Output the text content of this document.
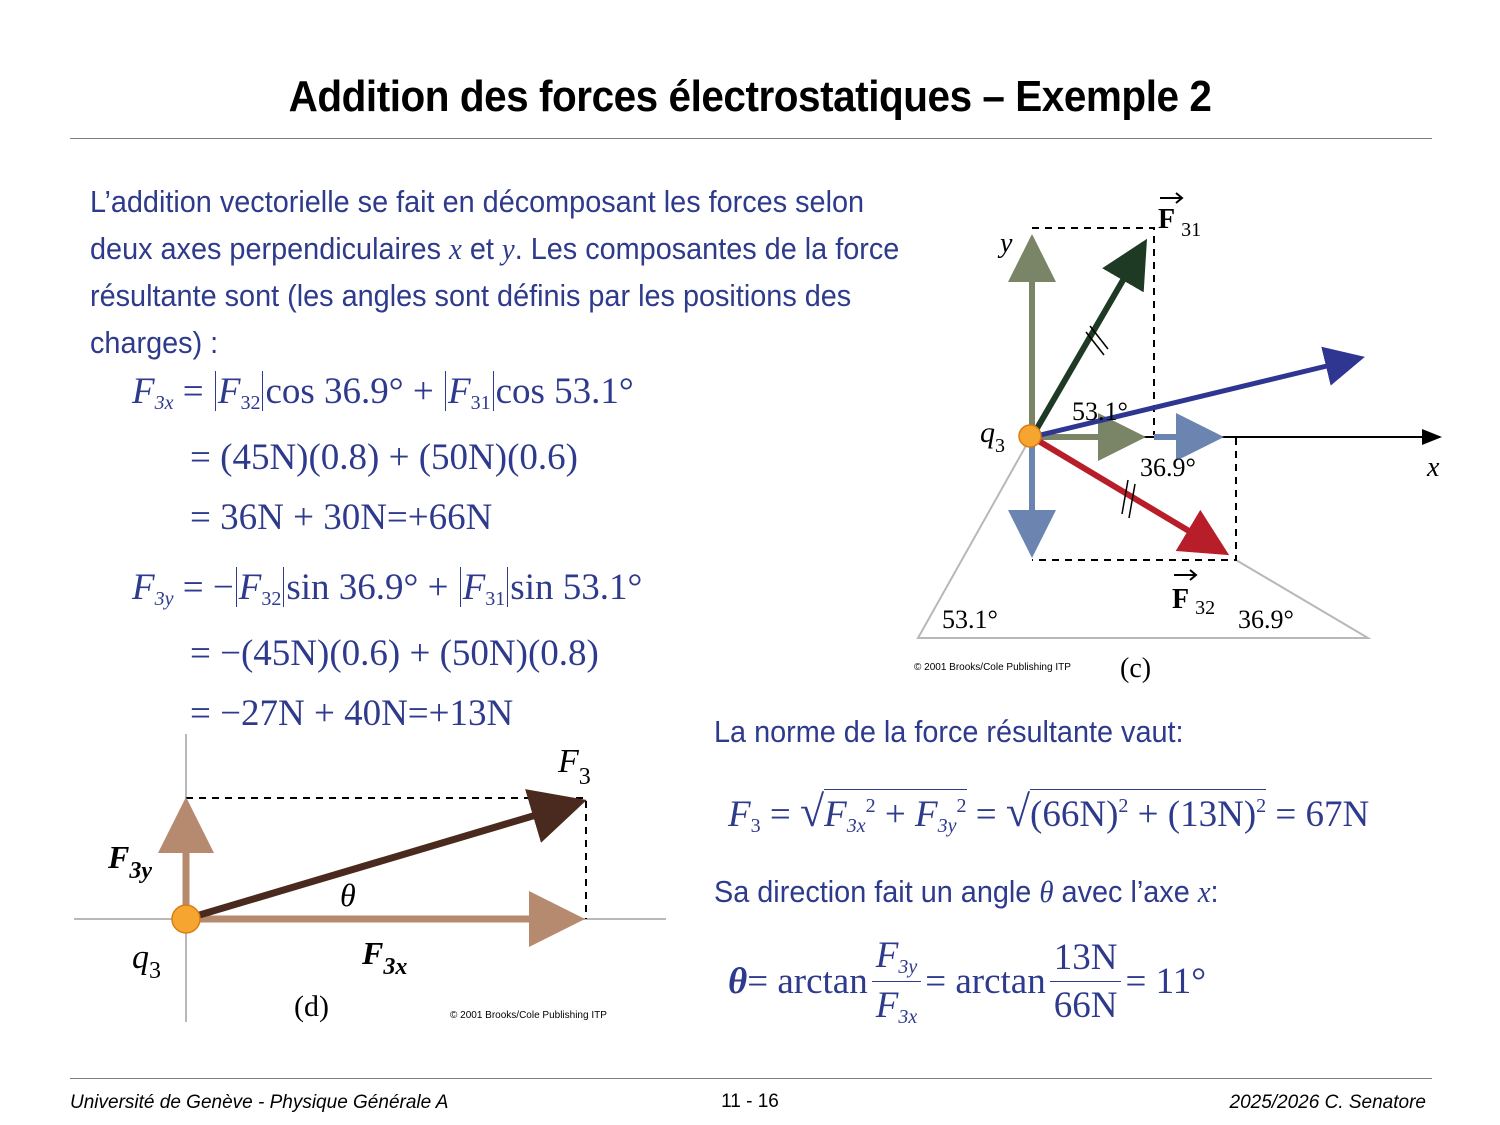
Addition des forces électrostatiques – Exemple 2
L’addition vectorielle se fait en décomposant les forces selon deux axes perpendiculaires x et y. Les composantes de la force résultante sont (les angles sont définis par les positions des charges) :
$F_{3x} = F_{32}$ $\cos 36.9^\circ + F_{31}$ cos 53.1°
= (45N)(0.8) + (50N)(0.6)
= 36N + 30N=+66N
$F_{3y}$ = − $F_{32}$ $\sin 36.9^\circ + F_{31}$ sin 53.1°
= −(45N)(0.6) + (50N)(0.8)
= −27N + 40N=+13N	La norme de la force résultante vaut:
$F_3 = √F_{3x}^2 + F_{3y}^2 = √(66N)^2 + (13N)^2 = 67N$
Sa direction fait un angle θ avec l’axe x:
$\theta = \arctan \frac{F_{3y}}{F_{3x}} = \arctan \frac{13N}{66N} = 11^\circ$
y
x
$q_3$
F $_{31}$
F $_{32}$
53.1°
36.9°
53.1°	36.9°
(c)
© 2001 Brooks/Cole Publishing ITP
$F_3$
$F_{3y}$
$F_{3x}$
θ
$q_3$
(d)	© 2001 Brooks/Cole Publishing ITP
Université de Genève - Physique Générale A	11 - 16	2025/2026 C. Senatore
